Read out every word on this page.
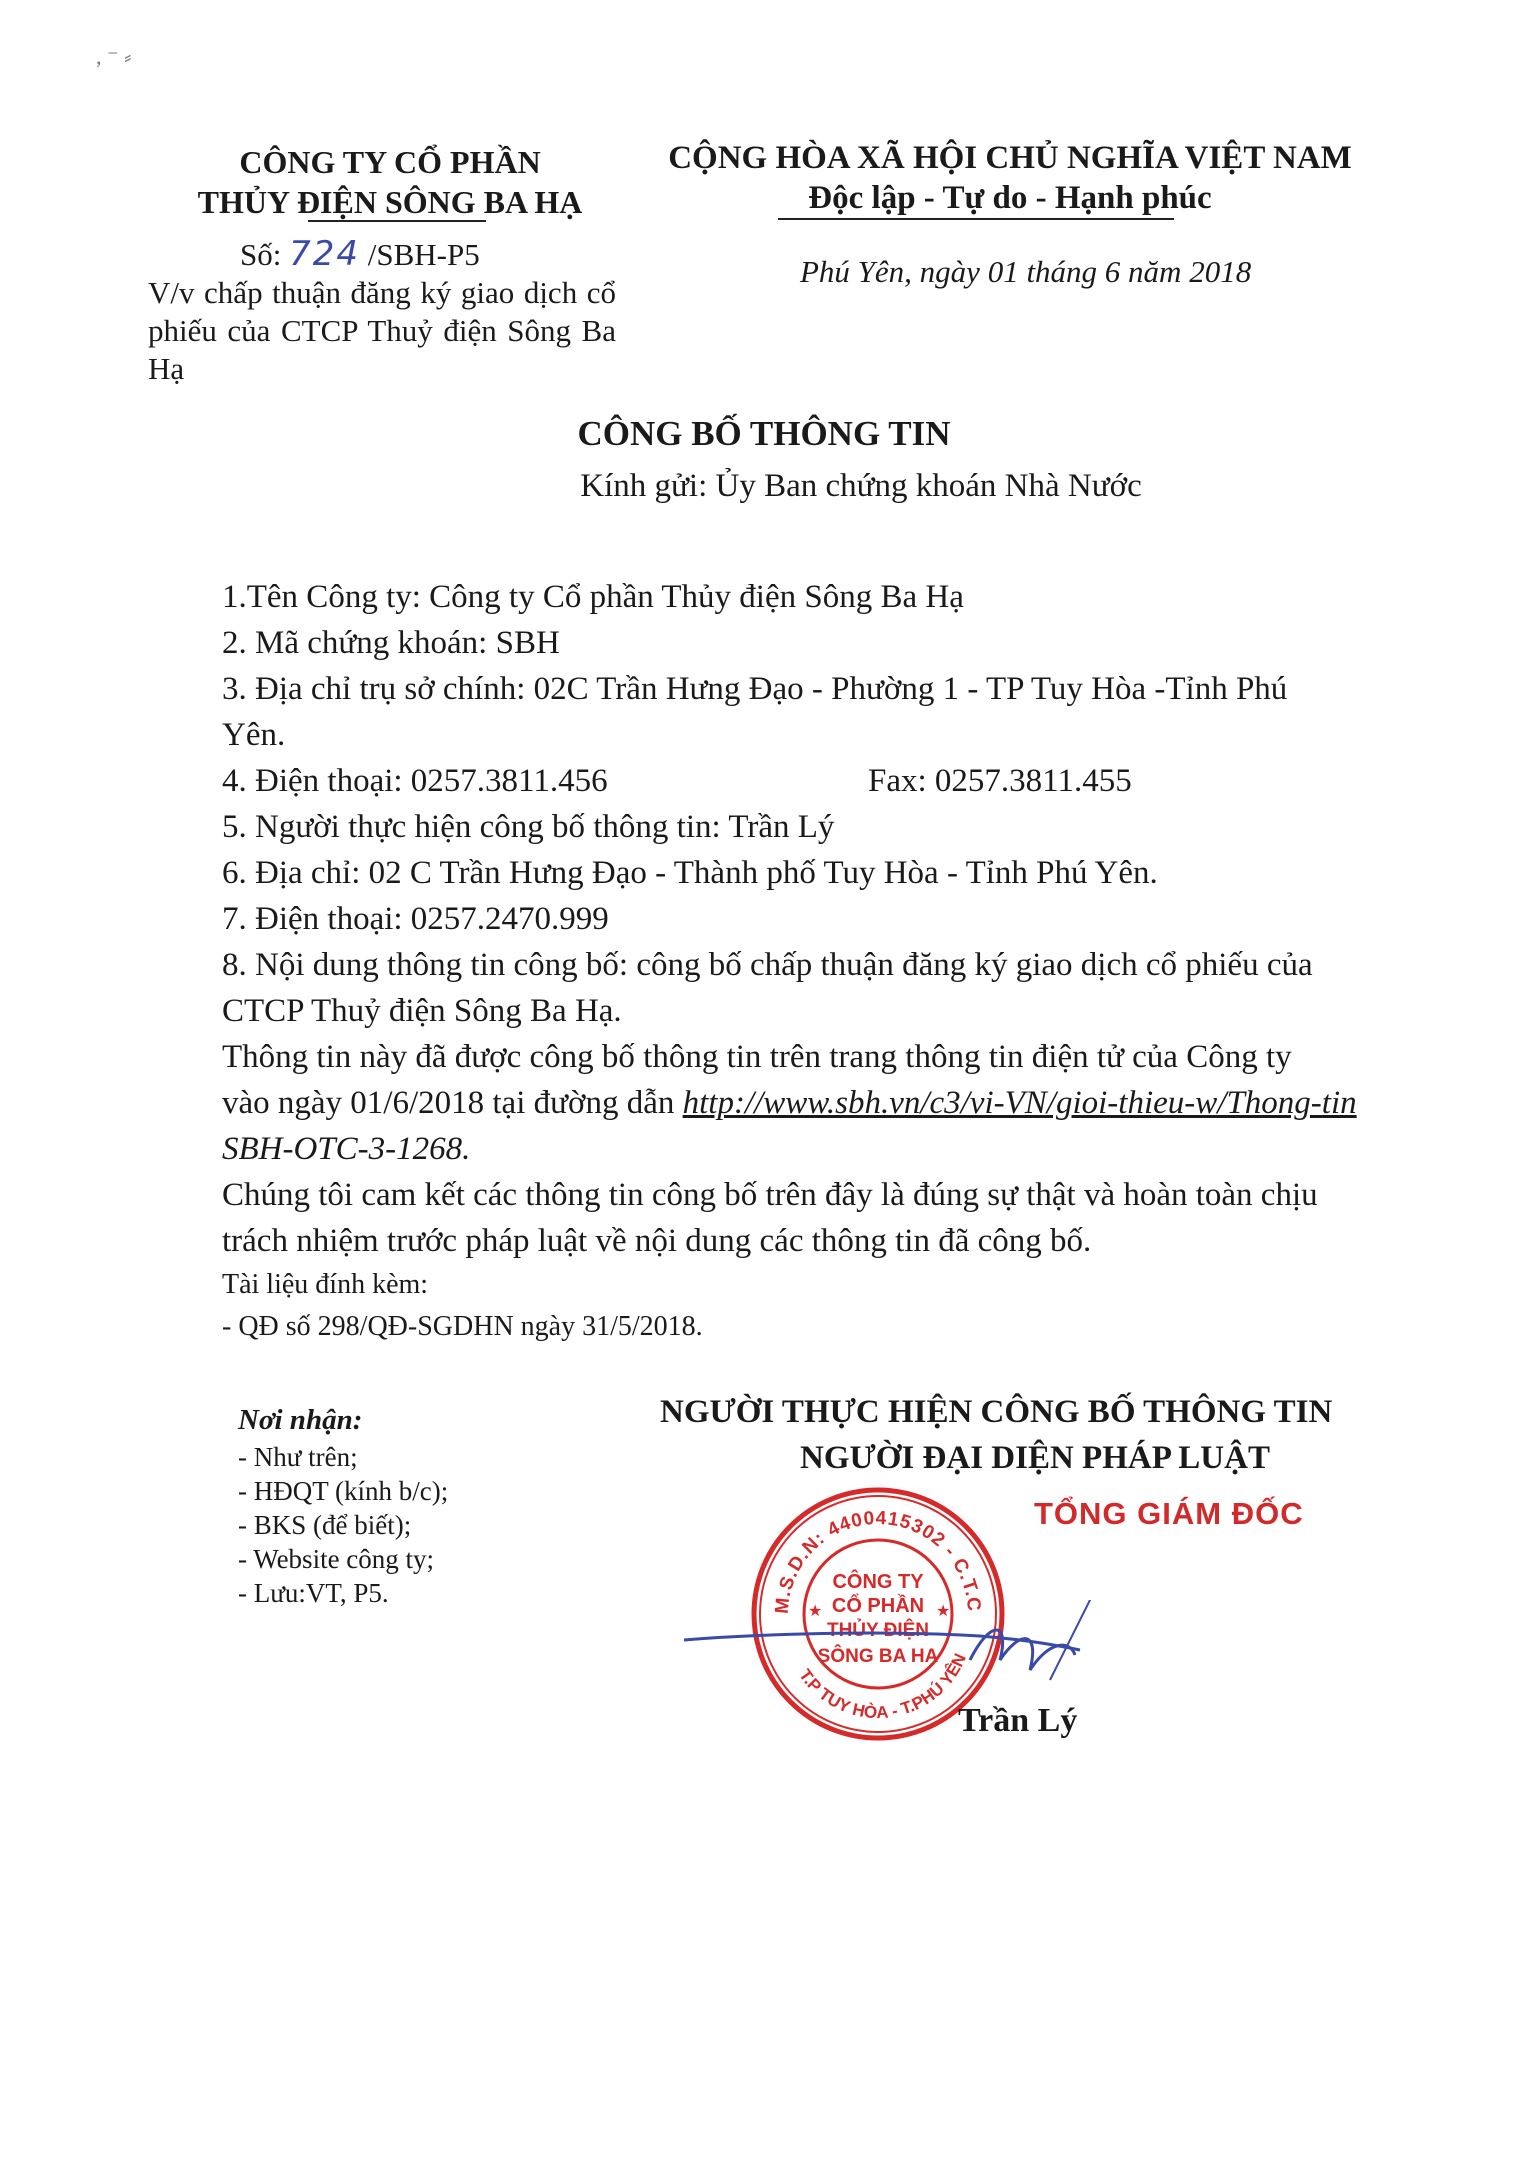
, ⁻ ⸗
CÔNG TY CỔ PHẦN
THỦY ĐIỆN SÔNG BA HẠ
CỘNG HÒA XÃ HỘI CHỦ NGHĨA VIỆT NAM
Độc lập - Tự do - Hạnh phúc
Số: 724 /SBH-P5
V/v chấp thuận đăng ký giao dịch cổ phiếu của CTCP Thuỷ điện Sông Ba Hạ
Phú Yên, ngày 01 tháng 6 năm 2018
CÔNG BỐ THÔNG TIN
Kính gửi: Ủy Ban chứng khoán Nhà Nước
1.Tên Công ty: Công ty Cổ phần Thủy điện Sông Ba Hạ
2. Mã chứng khoán: SBH
3. Địa chỉ trụ sở chính: 02C Trần Hưng Đạo - Phường 1 - TP Tuy Hòa -Tỉnh Phú
Yên.
4. Điện thoại: 0257.3811.456	Fax: 0257.3811.455
5. Người thực hiện công bố thông tin: Trần Lý
6. Địa chỉ: 02 C Trần Hưng Đạo - Thành phố Tuy Hòa - Tỉnh Phú Yên.
7. Điện thoại: 0257.2470.999
8. Nội dung thông tin công bố: công bố chấp thuận đăng ký giao dịch cổ phiếu của
CTCP Thuỷ điện Sông Ba Hạ.
Thông tin này đã được công bố thông tin trên trang thông tin điện tử của Công ty
vào ngày 01/6/2018 tại đường dẫn http://www.sbh.vn/c3/vi-VN/gioi-thieu-w/Thong-tin
SBH-OTC-3-1268.
Chúng tôi cam kết các thông tin công bố trên đây là đúng sự thật và hoàn toàn chịu
trách nhiệm trước pháp luật về nội dung các thông tin đã công bố.
Tài liệu đính kèm:
- QĐ số 298/QĐ-SGDHN ngày 31/5/2018.
Nơi nhận:
- Như trên;
- HĐQT (kính b/c);
- BKS (để biết);
- Website công ty;
- Lưu:VT, P5.
NGƯỜI THỰC HIỆN CÔNG BỐ THÔNG TIN
NGƯỜI ĐẠI DIỆN PHÁP LUẬT
TỔNG GIÁM ĐỐC
M.S.D.N: 4400415302 - C.T.C
T.P TUY HÒA - T.PHÚ YÊN
CÔNG TY
CỔ PHẦN
THỦY ĐIỆN
SÔNG BA HẠ
★	★
Trần Lý
